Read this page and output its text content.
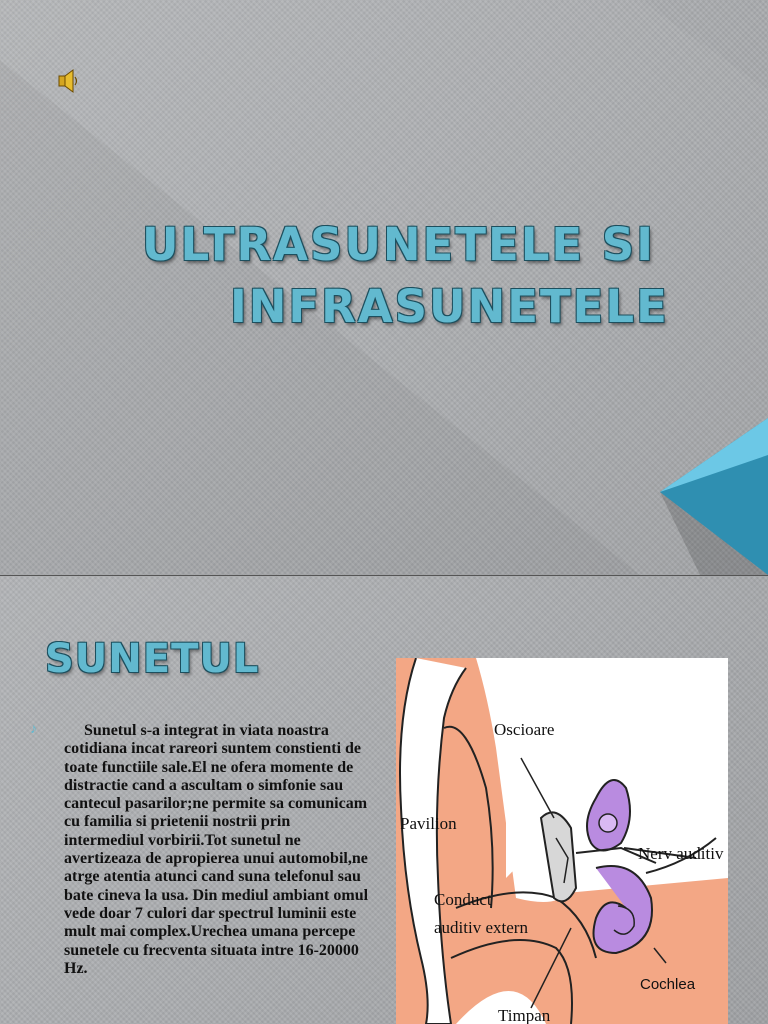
ULTRASUNETELE SI
INFRASUNETELE
SUNETUL
♪	Sunetul s-a integrat in viata noastra cotidiana incat rareori suntem constienti de toate functiile sale.El ne ofera momente de distractie cand a ascultam o simfonie sau cantecul pasarilor;ne permite sa comunicam cu familia si prietenii nostrii prin intermediul vorbirii.Tot sunetul ne avertizeaza de apropierea unui automobil,ne atrge atentia atunci cand suna telefonul sau bate cineva la usa. Din mediul ambiant omul vede doar 7 culori dar spectrul luminii este mult mai complex.Urechea umana percepe sunetele cu frecventa situata intre 16-20000 Hz.

Oscioare
Pavilion
Nerv auditiv
Conduct
auditiv extern
Cochlea
Timpan
